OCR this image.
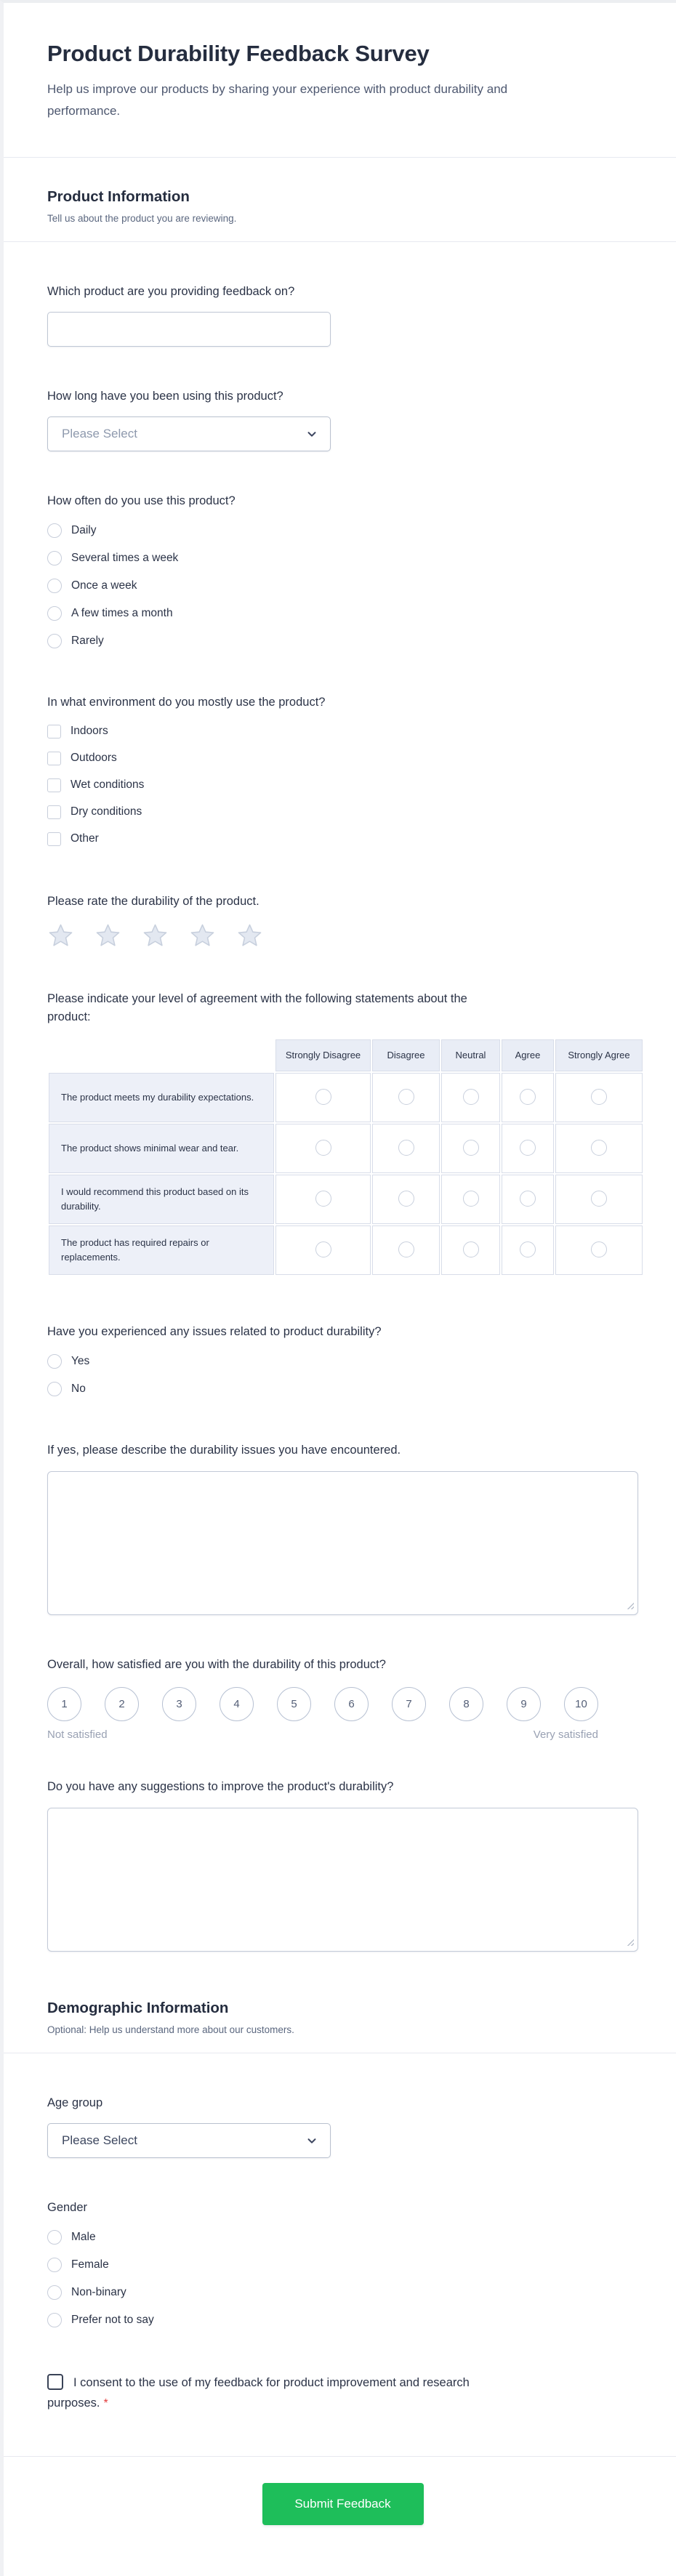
Product Durability Feedback Survey

Help us improve our products by sharing your experience with product durability and performance.

Product Information
Tell us about the product you are reviewing.
Which product are you providing feedback on?
How long have you been using this product?
Please Select
How often do you use this product?
Daily
Several times a week
Once a week
A few times a month
Rarely
In what environment do you mostly use the product?
Indoors
Outdoors
Wet conditions
Dry conditions
Other
Please rate the durability of the product.
Please indicate your level of agreement with the following statements about the product:
	Strongly Disagree	Disagree	Neutral	Agree	Strongly Agree
The product meets my durability expectations.					
The product shows minimal wear and tear.					
I would recommend this product based on its durability.					
The product has required repairs or replacements.					
Have you experienced any issues related to product durability?
Yes
No
If yes, please describe the durability issues you have encountered.
Overall, how satisfied are you with the durability of this product?
1	2	3	4	5	6	7	8	9	10
Not satisfied	Very satisfied
Do you have any suggestions to improve the product's durability?
Demographic Information
Optional: Help us understand more about our customers.
Age group
Please Select
Gender
Male
Female
Non-binary
Prefer not to say
I consent to the use of my feedback for product improvement and research purposes. *
Submit Feedback
